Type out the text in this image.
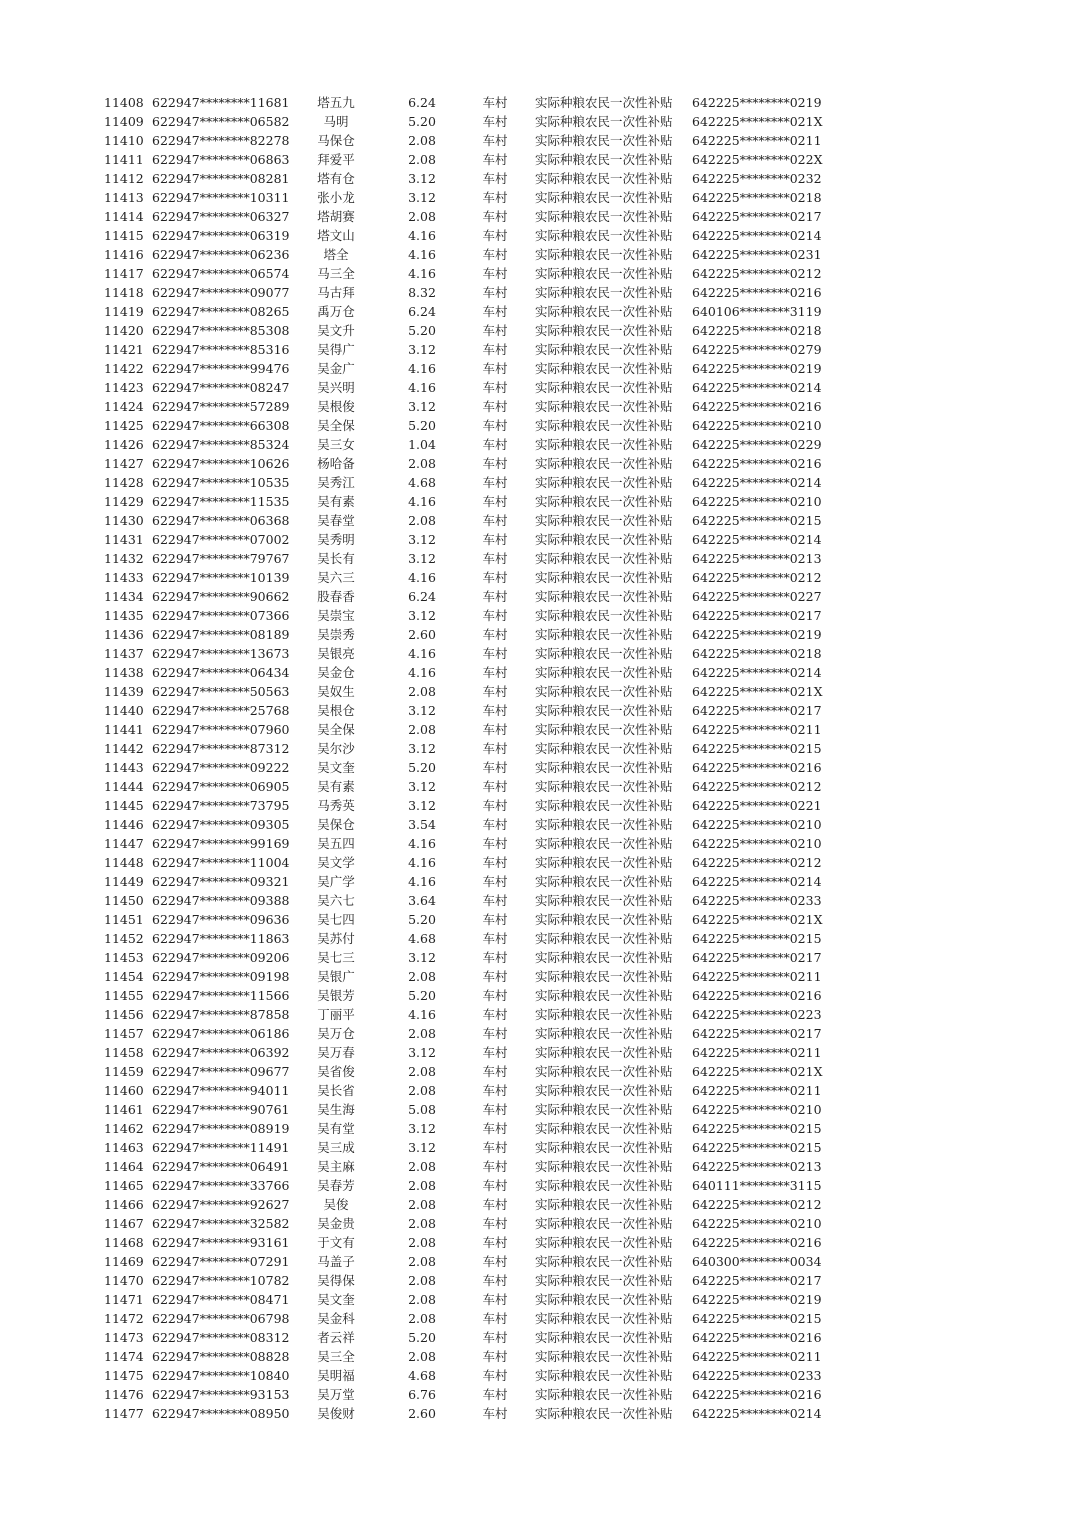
11408 622947********11681	塔五九	6.24	车村	实际种粮农民一次性补贴 642225********0219
11409 622947********06582	马明	5.20	车村	实际种粮农民一次性补贴 642225********021X
11410 622947********82278	马保仓	2.08	车村	实际种粮农民一次性补贴 642225********0211
11411 622947********06863	拜爱平	2.08	车村	实际种粮农民一次性补贴 642225********022X
11412 622947********08281	塔有仓	3.12	车村	实际种粮农民一次性补贴 642225********0232
11413 622947********10311	张小龙	3.12	车村	实际种粮农民一次性补贴 642225********0218
11414 622947********06327	塔胡赛	2.08	车村	实际种粮农民一次性补贴 642225********0217
11415 622947********06319	塔文山	4.16	车村	实际种粮农民一次性补贴 642225********0214
11416 622947********06236	塔全	4.16	车村	实际种粮农民一次性补贴 642225********0231
11417 622947********06574	马三全	4.16	车村	实际种粮农民一次性补贴 642225********0212
11418 622947********09077	马古拜	8.32	车村	实际种粮农民一次性补贴 642225********0216
11419 622947********08265	禹万仓	6.24	车村	实际种粮农民一次性补贴 640106********3119
11420 622947********85308	吴文升	5.20	车村	实际种粮农民一次性补贴 642225********0218
11421 622947********85316	吴得广	3.12	车村	实际种粮农民一次性补贴 642225********0279
11422 622947********99476	吴金广	4.16	车村	实际种粮农民一次性补贴 642225********0219
11423 622947********08247	吴兴明	4.16	车村	实际种粮农民一次性补贴 642225********0214
11424 622947********57289	吴根俊	3.12	车村	实际种粮农民一次性补贴 642225********0216
11425 622947********66308	吴全保	5.20	车村	实际种粮农民一次性补贴 642225********0210
11426 622947********85324	吴三女	1.04	车村	实际种粮农民一次性补贴 642225********0229
11427 622947********10626	杨哈备	2.08	车村	实际种粮农民一次性补贴 642225********0216
11428 622947********10535	吴秀江	4.68	车村	实际种粮农民一次性补贴 642225********0214
11429 622947********11535	吴有素	4.16	车村	实际种粮农民一次性补贴 642225********0210
11430 622947********06368	吴春堂	2.08	车村	实际种粮农民一次性补贴 642225********0215
11431 622947********07002	吴秀明	3.12	车村	实际种粮农民一次性补贴 642225********0214
11432 622947********79767	吴长有	3.12	车村	实际种粮农民一次性补贴 642225********0213
11433 622947********10139	吴六三	4.16	车村	实际种粮农民一次性补贴 642225********0212
11434 622947********90662	股春香	6.24	车村	实际种粮农民一次性补贴 642225********0227
11435 622947********07366	吴崇宝	3.12	车村	实际种粮农民一次性补贴 642225********0217
11436 622947********08189	吴崇秀	2.60	车村	实际种粮农民一次性补贴 642225********0219
11437 622947********13673	吴银亮	4.16	车村	实际种粮农民一次性补贴 642225********0218
11438 622947********06434	吴金仓	4.16	车村	实际种粮农民一次性补贴 642225********0214
11439 622947********50563	吴奴生	2.08	车村	实际种粮农民一次性补贴 642225********021X
11440 622947********25768	吴根仓	3.12	车村	实际种粮农民一次性补贴 642225********0217
11441 622947********07960	吴全保	2.08	车村	实际种粮农民一次性补贴 642225********0211
11442 622947********87312	吴尔沙	3.12	车村	实际种粮农民一次性补贴 642225********0215
11443 622947********09222	吴文奎	5.20	车村	实际种粮农民一次性补贴 642225********0216
11444 622947********06905	吴有素	3.12	车村	实际种粮农民一次性补贴 642225********0212
11445 622947********73795	马秀英	3.12	车村	实际种粮农民一次性补贴 642225********0221
11446 622947********09305	吴保仓	3.54	车村	实际种粮农民一次性补贴 642225********0210
11447 622947********99169	吴五四	4.16	车村	实际种粮农民一次性补贴 642225********0210
11448 622947********11004	吴文学	4.16	车村	实际种粮农民一次性补贴 642225********0212
11449 622947********09321	吴广学	4.16	车村	实际种粮农民一次性补贴 642225********0214
11450 622947********09388	吴六七	3.64	车村	实际种粮农民一次性补贴 642225********0233
11451 622947********09636	吴七四	5.20	车村	实际种粮农民一次性补贴 642225********021X
11452 622947********11863	吴苏付	4.68	车村	实际种粮农民一次性补贴 642225********0215
11453 622947********09206	吴七三	3.12	车村	实际种粮农民一次性补贴 642225********0217
11454 622947********09198	吴银广	2.08	车村	实际种粮农民一次性补贴 642225********0211
11455 622947********11566	吴银芳	5.20	车村	实际种粮农民一次性补贴 642225********0216
11456 622947********87858	丁丽平	4.16	车村	实际种粮农民一次性补贴 642225********0223
11457 622947********06186	吴万仓	2.08	车村	实际种粮农民一次性补贴 642225********0217
11458 622947********06392	吴万春	3.12	车村	实际种粮农民一次性补贴 642225********0211
11459 622947********09677	吴省俊	2.08	车村	实际种粮农民一次性补贴 642225********021X
11460 622947********94011	吴长省	2.08	车村	实际种粮农民一次性补贴 642225********0211
11461 622947********90761	吴生海	5.08	车村	实际种粮农民一次性补贴 642225********0210
11462 622947********08919	吴有堂	3.12	车村	实际种粮农民一次性补贴 642225********0215
11463 622947********11491	吴三成	3.12	车村	实际种粮农民一次性补贴 642225********0215
11464 622947********06491	吴主麻	2.08	车村	实际种粮农民一次性补贴 642225********0213
11465 622947********33766	吴春芳	2.08	车村	实际种粮农民一次性补贴 640111********3115
11466 622947********92627	吴俊	2.08	车村	实际种粮农民一次性补贴 642225********0212
11467 622947********32582	吴金贵	2.08	车村	实际种粮农民一次性补贴 642225********0210
11468 622947********93161	于文有	2.08	车村	实际种粮农民一次性补贴 642225********0216
11469 622947********07291	马盖子	2.08	车村	实际种粮农民一次性补贴 640300********0034
11470 622947********10782	吴得保	2.08	车村	实际种粮农民一次性补贴 642225********0217
11471 622947********08471	吴文奎	2.08	车村	实际种粮农民一次性补贴 642225********0219
11472 622947********06798	吴金科	2.08	车村	实际种粮农民一次性补贴 642225********0215
11473 622947********08312	者云祥	5.20	车村	实际种粮农民一次性补贴 642225********0216
11474 622947********08828	吴三全	2.08	车村	实际种粮农民一次性补贴 642225********0211
11475 622947********10840	吴明福	4.68	车村	实际种粮农民一次性补贴 642225********0233
11476 622947********93153	吴万堂	6.76	车村	实际种粮农民一次性补贴 642225********0216
11477 622947********08950	吴俊财	2.60	车村	实际种粮农民一次性补贴 642225********0214
